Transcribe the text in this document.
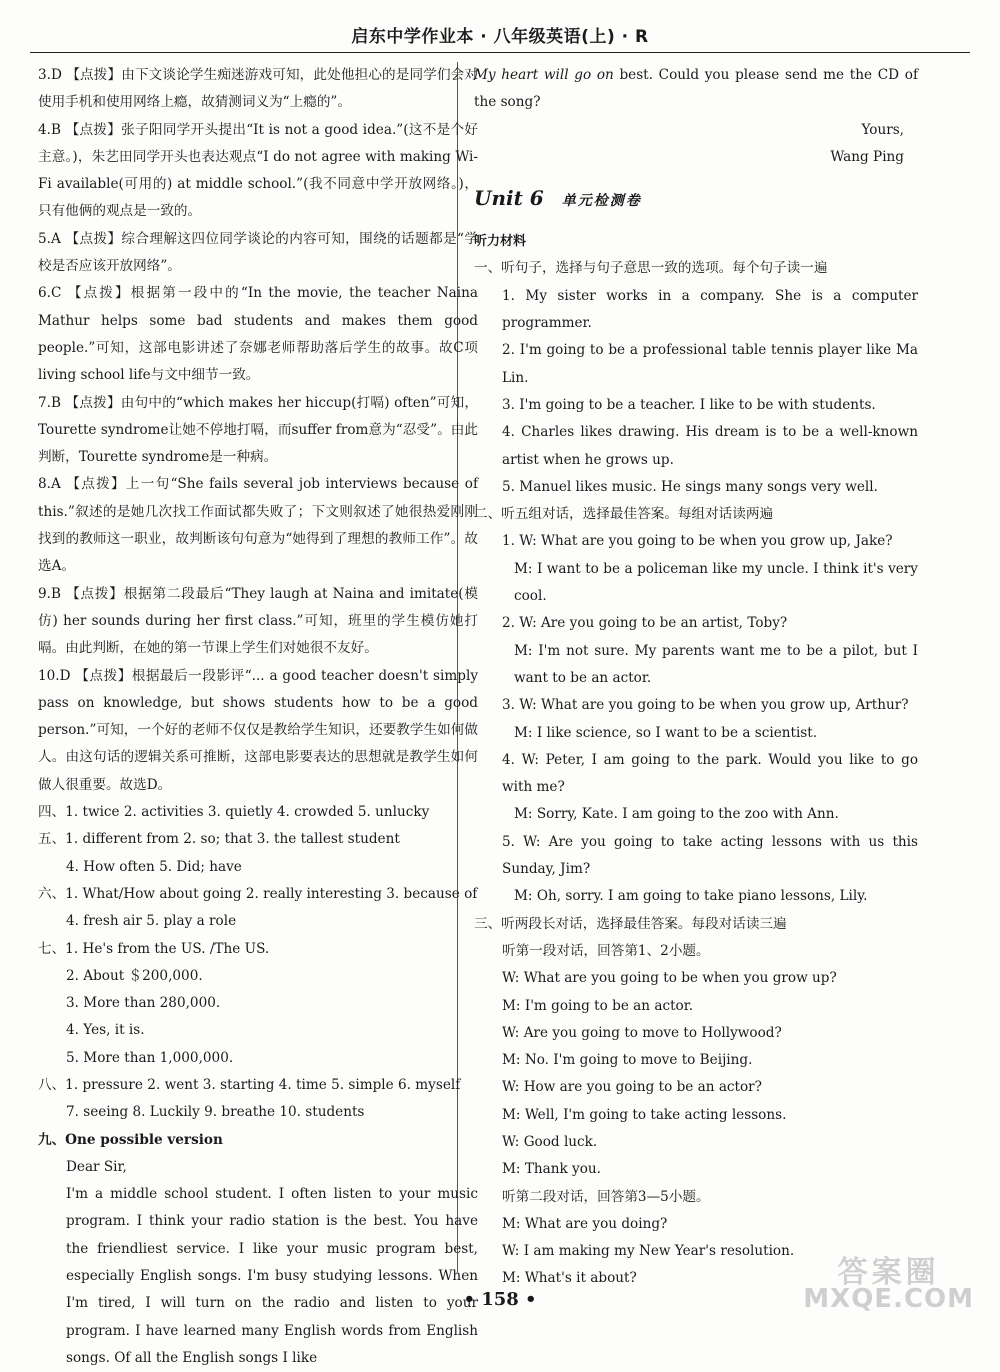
启东中学作业本 · 八年级英语(上) · R

3.D 【点拨】由下文谈论学生痴迷游戏可知，此处他担心的是同学们会对使用手机和使用网络上瘾，故猜测词义为“上瘾的”。

4.B 【点拨】张子阳同学开头提出“It is not a good idea.”(这不是个好主意。)，朱艺田同学开头也表达观点“I do not agree with making Wi-Fi available(可用的) at middle school.”(我不同意中学开放网络。)，只有他俩的观点是一致的。

5.A 【点拨】综合理解这四位同学谈论的内容可知，围绕的话题都是“学校是否应该开放网络”。

6.C 【点拨】根据第一段中的“In the movie, the teacher Naina Mathur helps some bad students and makes them good people.”可知，这部电影讲述了奈娜老师帮助落后学生的故事。故C项living school life与文中细节一致。

7.B 【点拨】由句中的“which makes her hiccup(打嗝) often”可知，Tourette syndrome让她不停地打嗝，而suffer from意为“忍受”。由此判断，Tourette syndrome是一种病。

8.A 【点拨】上一句“She fails several job interviews because of this.”叙述的是她几次找工作面试都失败了；下文则叙述了她很热爱刚刚找到的教师这一职业，故判断该句句意为“她得到了理想的教师工作”。故选A。

9.B 【点拨】根据第二段最后“They laugh at Naina and imitate(模仿) her sounds during her first class.”可知，班里的学生模仿她打嗝。由此判断，在她的第一节课上学生们对她很不友好。

10.D 【点拨】根据最后一段影评“... a good teacher doesn't simply pass on knowledge, but shows students how to be a good person.”可知，一个好的老师不仅仅是教给学生知识，还要教学生如何做人。由这句话的逻辑关系可推断，这部电影要表达的思想就是教学生如何做人很重要。故选D。

四、1. twice 2. activities 3. quietly 4. crowded 5. unlucky

五、1. different from 2. so; that 3. the tallest student

4. How often 5. Did; have

六、1. What/How about going 2. really interesting 3. because of

4. fresh air 5. play a role

七、1. He's from the US. /The US.

2. About ＄200,000.

3. More than 280,000.

4. Yes, it is.

5. More than 1,000,000.

八、1. pressure 2. went 3. starting 4. time 5. simple 6. myself

7. seeing 8. Luckily 9. breathe 10. students

九、One possible version

Dear Sir,

I'm a middle school student. I often listen to your music program. I think your radio station is the best. You have the friendliest service. I like your music program best, especially English songs. I'm busy studying lessons. When I'm tired, I will turn on the radio and listen to your program. I have learned many English words from English songs. Of all the English songs I like

My heart will go on best. Could you please send me the CD of the song?

Yours,

Wang Ping

Unit 6 单元检测卷

听力材料

一、听句子，选择与句子意思一致的选项。每个句子读一遍

1. My sister works in a company. She is a computer programmer.

2. I'm going to be a professional table tennis player like Ma Lin.

3. I'm going to be a teacher. I like to be with students.

4. Charles likes drawing. His dream is to be a well-known artist when he grows up.

5. Manuel likes music. He sings many songs very well.

二、听五组对话，选择最佳答案。每组对话读两遍

1. W: What are you going to be when you grow up, Jake?

M: I want to be a policeman like my uncle. I think it's very cool.

2. W: Are you going to be an artist, Toby?

M: I'm not sure. My parents want me to be a pilot, but I want to be an actor.

3. W: What are you going to be when you grow up, Arthur?

M: I like science, so I want to be a scientist.

4. W: Peter, I am going to the park. Would you like to go with me?

M: Sorry, Kate. I am going to the zoo with Ann.

5. W: Are you going to take acting lessons with us this Sunday, Jim?

M: Oh, sorry. I am going to take piano lessons, Lily.

三、听两段长对话，选择最佳答案。每段对话读三遍

听第一段对话，回答第1、2小题。

W: What are you going to be when you grow up?

M: I'm going to be an actor.

W: Are you going to move to Hollywood?

M: No. I'm going to move to Beijing.

W: How are you going to be an actor?

M: Well, I'm going to take acting lessons.

W: Good luck.

M: Thank you.

听第二段对话，回答第3—5小题。

M: What are you doing?

W: I am making my New Year's resolution.

M: What's it about?

• 158 •
答案圈
MXQE.COM
